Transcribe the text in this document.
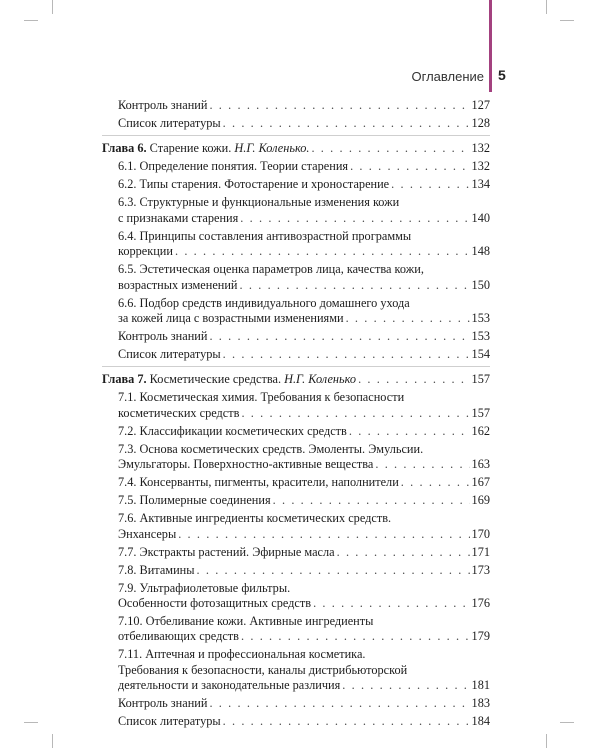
Оглавление 5
Контроль знаний . . .	127
Список литературы . . .	128
Глава 6. Старение кожи. Н.Г. Коленько. . . .	132
6.1. Определение понятия. Теории старения . . .	132
6.2. Типы старения. Фотостарение и хроностарение . . .	134
6.3. Структурные и функциональные изменения кожи
с признаками старения . . .	140
6.4. Принципы составления антивозрастной программы
коррекции . . .	148
6.5. Эстетическая оценка параметров лица, качества кожи,
возрастных изменений . . .	150
6.6. Подбор средств индивидуального домашнего ухода
за кожей лица с возрастными изменениями . . .	153
Контроль знаний . . .	153
Список литературы . . .	154
Глава 7. Косметические средства. Н.Г. Коленько . . .	157
7.1. Косметическая химия. Требования к безопасности
косметических средств . . .	157
7.2. Классификации косметических средств . . .	162
7.3. Основа косметических средств. Эмоленты. Эмульсии.
Эмульгаторы. Поверхностно-активные вещества . . .	163
7.4. Консерванты, пигменты, красители, наполнители . . .	167
7.5. Полимерные соединения . . .	169
7.6. Активные ингредиенты косметических средств.
Энхансеры . . .	170
7.7. Экстракты растений. Эфирные масла . . .	171
7.8. Витамины . . .	173
7.9. Ультрафиолетовые фильтры.
Особенности фотозащитных средств . . .	176
7.10. Отбеливание кожи. Активные ингредиенты
отбеливающих средств . . .	179
7.11. Аптечная и профессиональная косметика.
Требования к безопасности, каналы дистрибьюторской
деятельности и законодательные различия . . .	181
Контроль знаний . . .	183
Список литературы . . .	184
